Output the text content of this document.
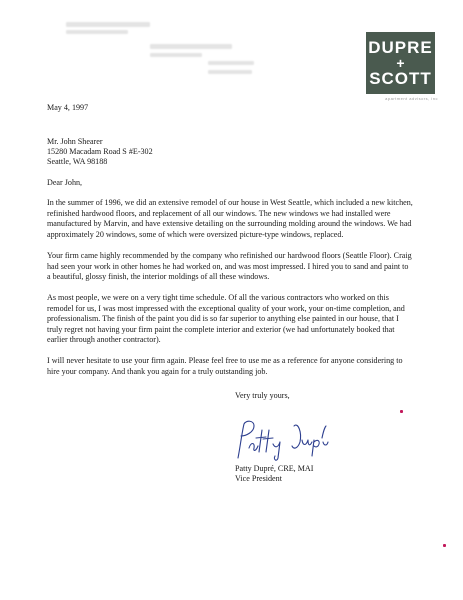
DUPRE
+
SCOTT
apartment advisors, inc
May 4, 1997
Mr. John Shearer
15280 Macadam Road S #E-302
Seattle, WA 98188
Dear John,
In the summer of 1996, we did an extensive remodel of our house in West Seattle, which included a new kitchen,
refinished hardwood floors, and replacement of all our windows. The new windows we had installed were
manufactured by Marvin, and have extensive detailing on the surrounding molding around the windows. We had
approximately 20 windows, some of which were oversized picture-type windows, replaced.
Your firm came highly recommended by the company who refinished our hardwood floors (Seattle Floor). Craig
had seen your work in other homes he had worked on, and was most impressed. I hired you to sand and paint to
a beautiful, glossy finish, the interior moldings of all these windows.
As most people, we were on a very tight time schedule. Of all the various contractors who worked on this
remodel for us, I was most impressed with the exceptional quality of your work, your on-time completion, and
professionalism. The finish of the paint you did is so far superior to anything else painted in our house, that I
truly regret not having your firm paint the complete interior and exterior (we had unfortunately booked that
earlier through another contractor).
I will never hesitate to use your firm again. Please feel free to use me as a reference for anyone considering to
hire your company. And thank you again for a truly outstanding job.
Very truly yours,
Patty Dupré, CRE, MAI
Vice President
